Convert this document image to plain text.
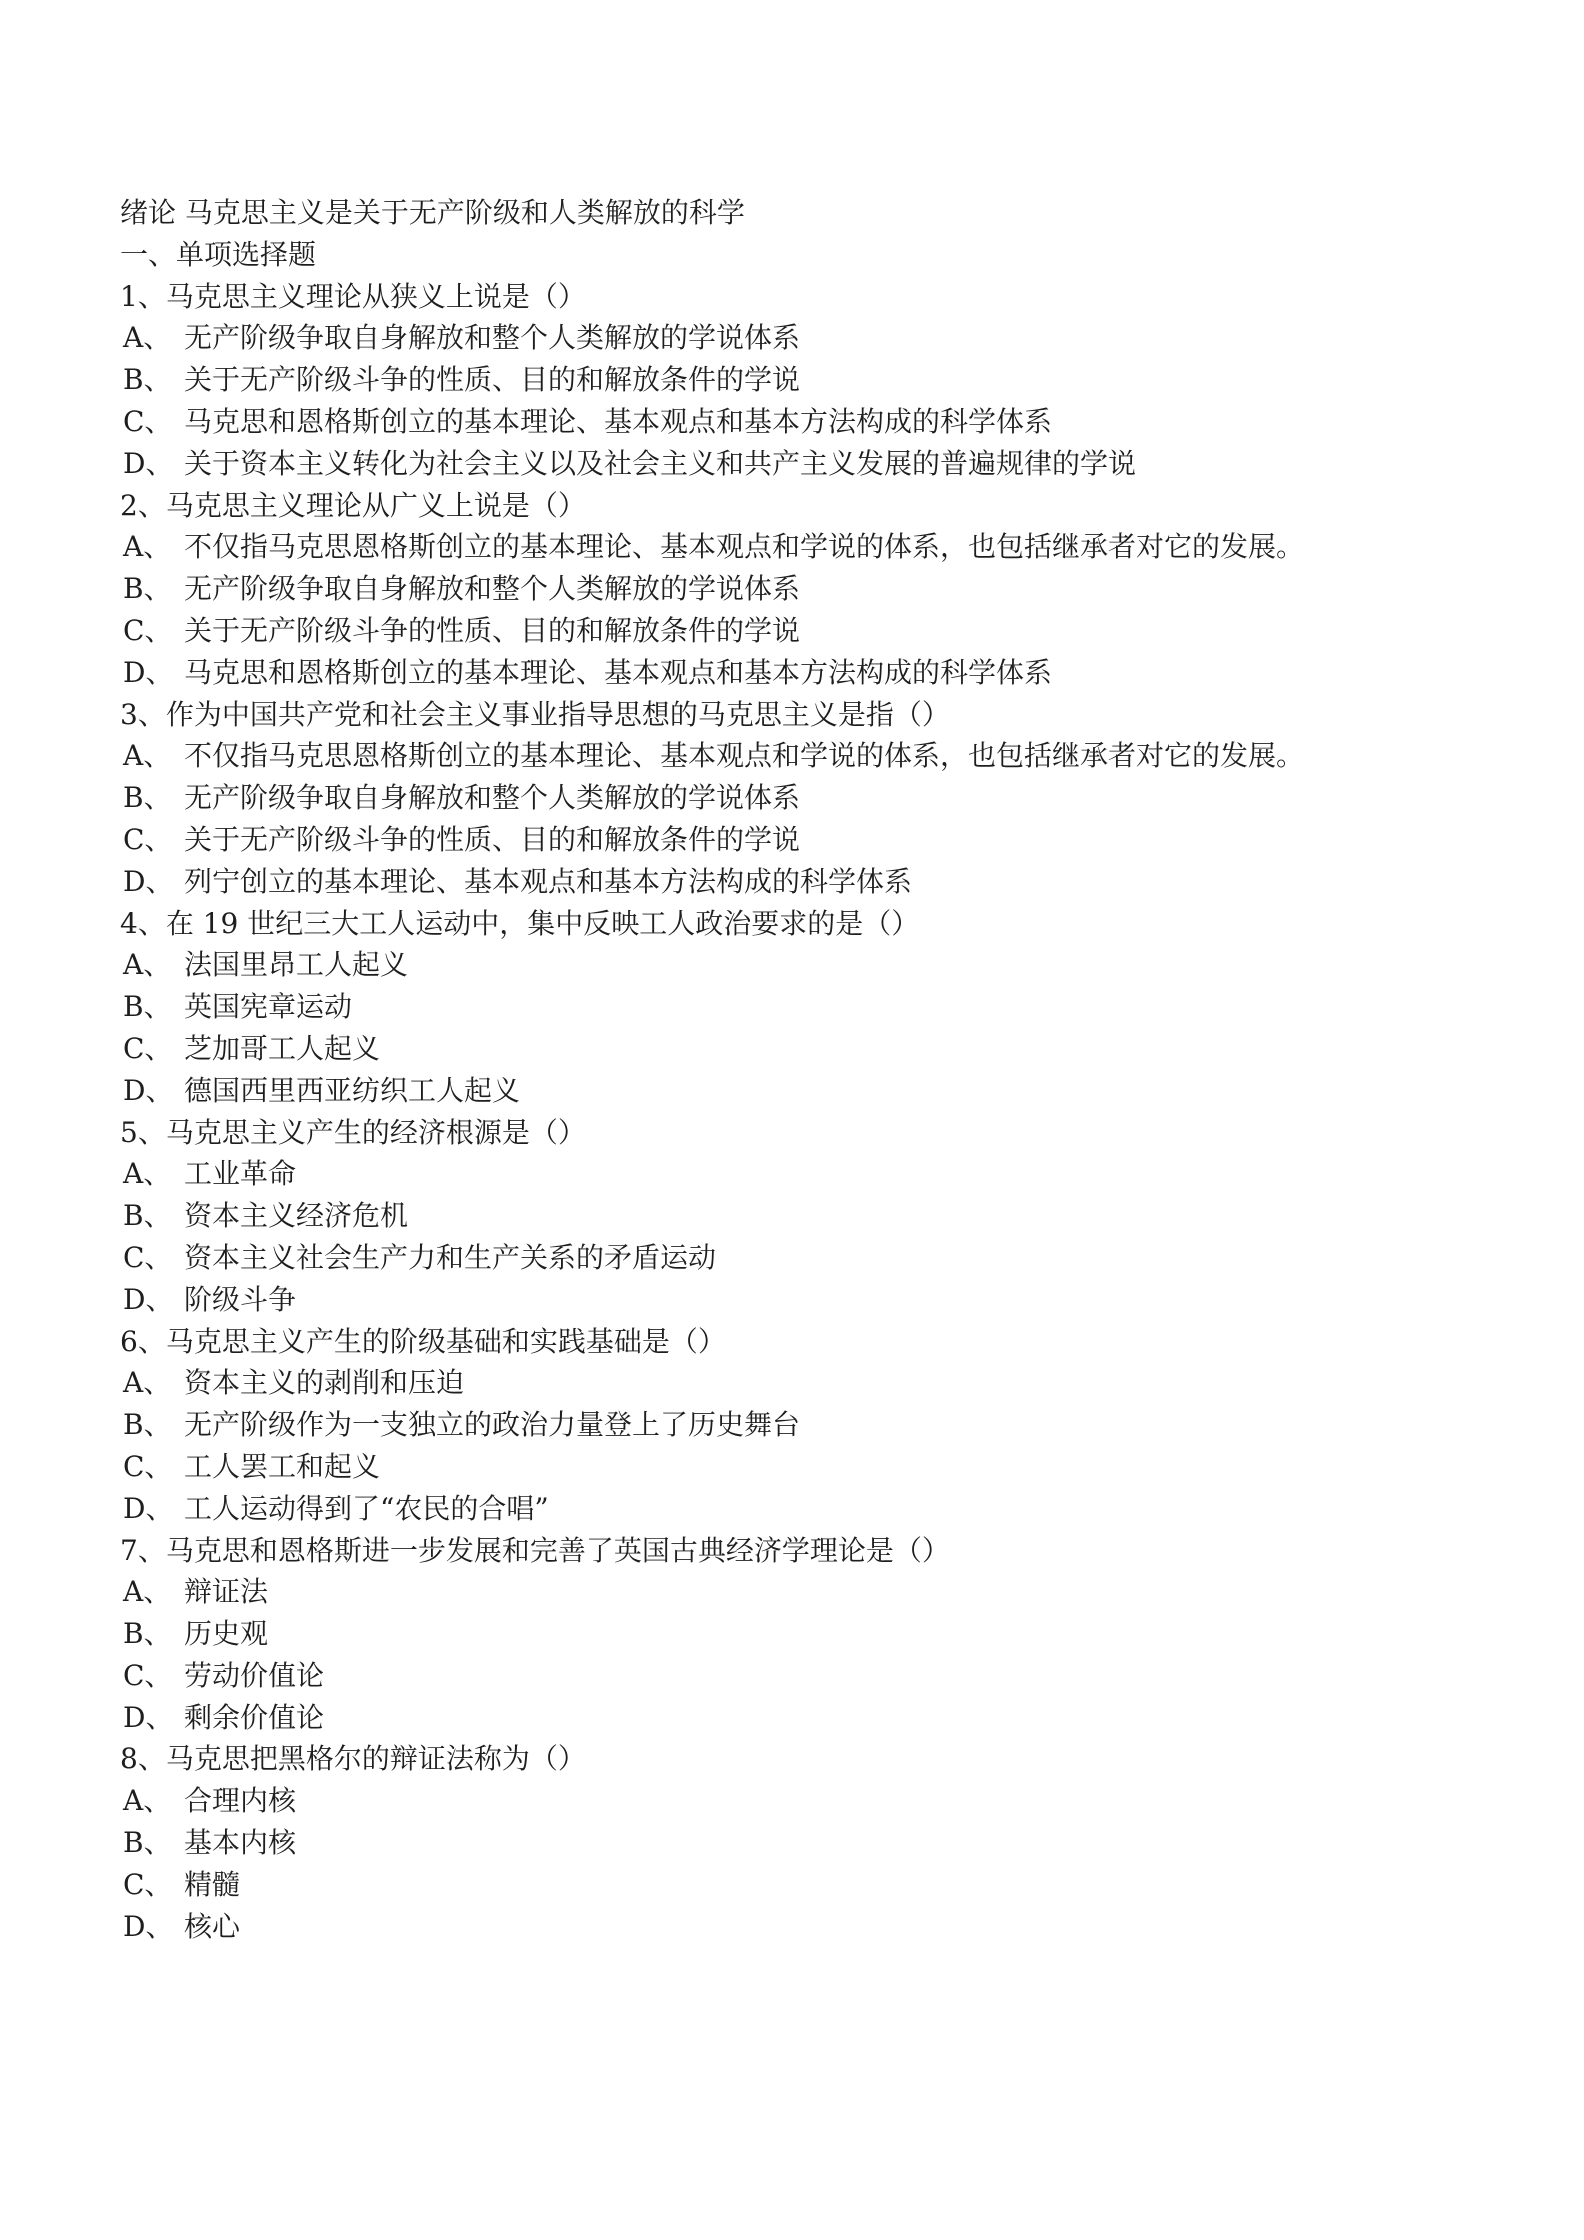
绪论 马克思主义是关于无产阶级和人类解放的科学
一、单项选择题
1、马克思主义理论从狭义上说是（）
A、 无产阶级争取自身解放和整个人类解放的学说体系
B、 关于无产阶级斗争的性质、目的和解放条件的学说
C、 马克思和恩格斯创立的基本理论、基本观点和基本方法构成的科学体系
D、 关于资本主义转化为社会主义以及社会主义和共产主义发展的普遍规律的学说
2、马克思主义理论从广义上说是（）
A、 不仅指马克思恩格斯创立的基本理论、基本观点和学说的体系，也包括继承者对它的发展。
B、 无产阶级争取自身解放和整个人类解放的学说体系
C、 关于无产阶级斗争的性质、目的和解放条件的学说
D、 马克思和恩格斯创立的基本理论、基本观点和基本方法构成的科学体系
3、作为中国共产党和社会主义事业指导思想的马克思主义是指（）
A、 不仅指马克思恩格斯创立的基本理论、基本观点和学说的体系，也包括继承者对它的发展。
B、 无产阶级争取自身解放和整个人类解放的学说体系
C、 关于无产阶级斗争的性质、目的和解放条件的学说
D、 列宁创立的基本理论、基本观点和基本方法构成的科学体系
4、在 19 世纪三大工人运动中，集中反映工人政治要求的是（）
A、 法国里昂工人起义
B、 英国宪章运动
C、 芝加哥工人起义
D、 德国西里西亚纺织工人起义
5、马克思主义产生的经济根源是（）
A、 工业革命
B、 资本主义经济危机
C、 资本主义社会生产力和生产关系的矛盾运动
D、 阶级斗争
6、马克思主义产生的阶级基础和实践基础是（）
A、 资本主义的剥削和压迫
B、 无产阶级作为一支独立的政治力量登上了历史舞台
C、 工人罢工和起义
D、 工人运动得到了“农民的合唱”
7、马克思和恩格斯进一步发展和完善了英国古典经济学理论是（）
A、 辩证法
B、 历史观
C、 劳动价值论
D、 剩余价值论
8、马克思把黑格尔的辩证法称为（）
A、 合理内核
B、 基本内核
C、 精髓
D、 核心
